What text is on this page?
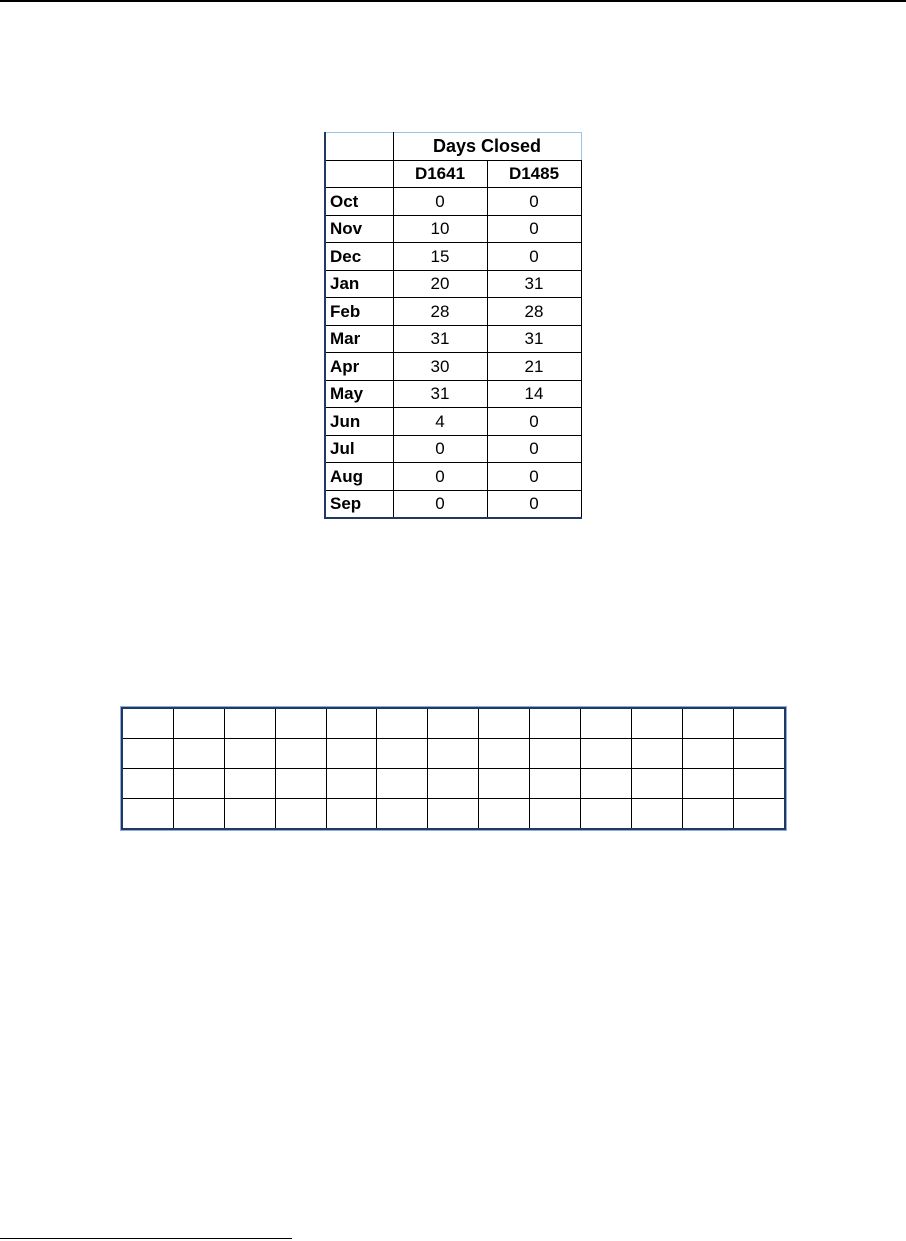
	Days Closed	
	D1641	D1485
Oct	0	0
Nov	10	0
Dec	15	0
Jan	20	31
Feb	28	28
Mar	31	31
Apr	30	21
May	31	14
Jun	4	0
Jul	0	0
Aug	0	0
Sep	0	0
